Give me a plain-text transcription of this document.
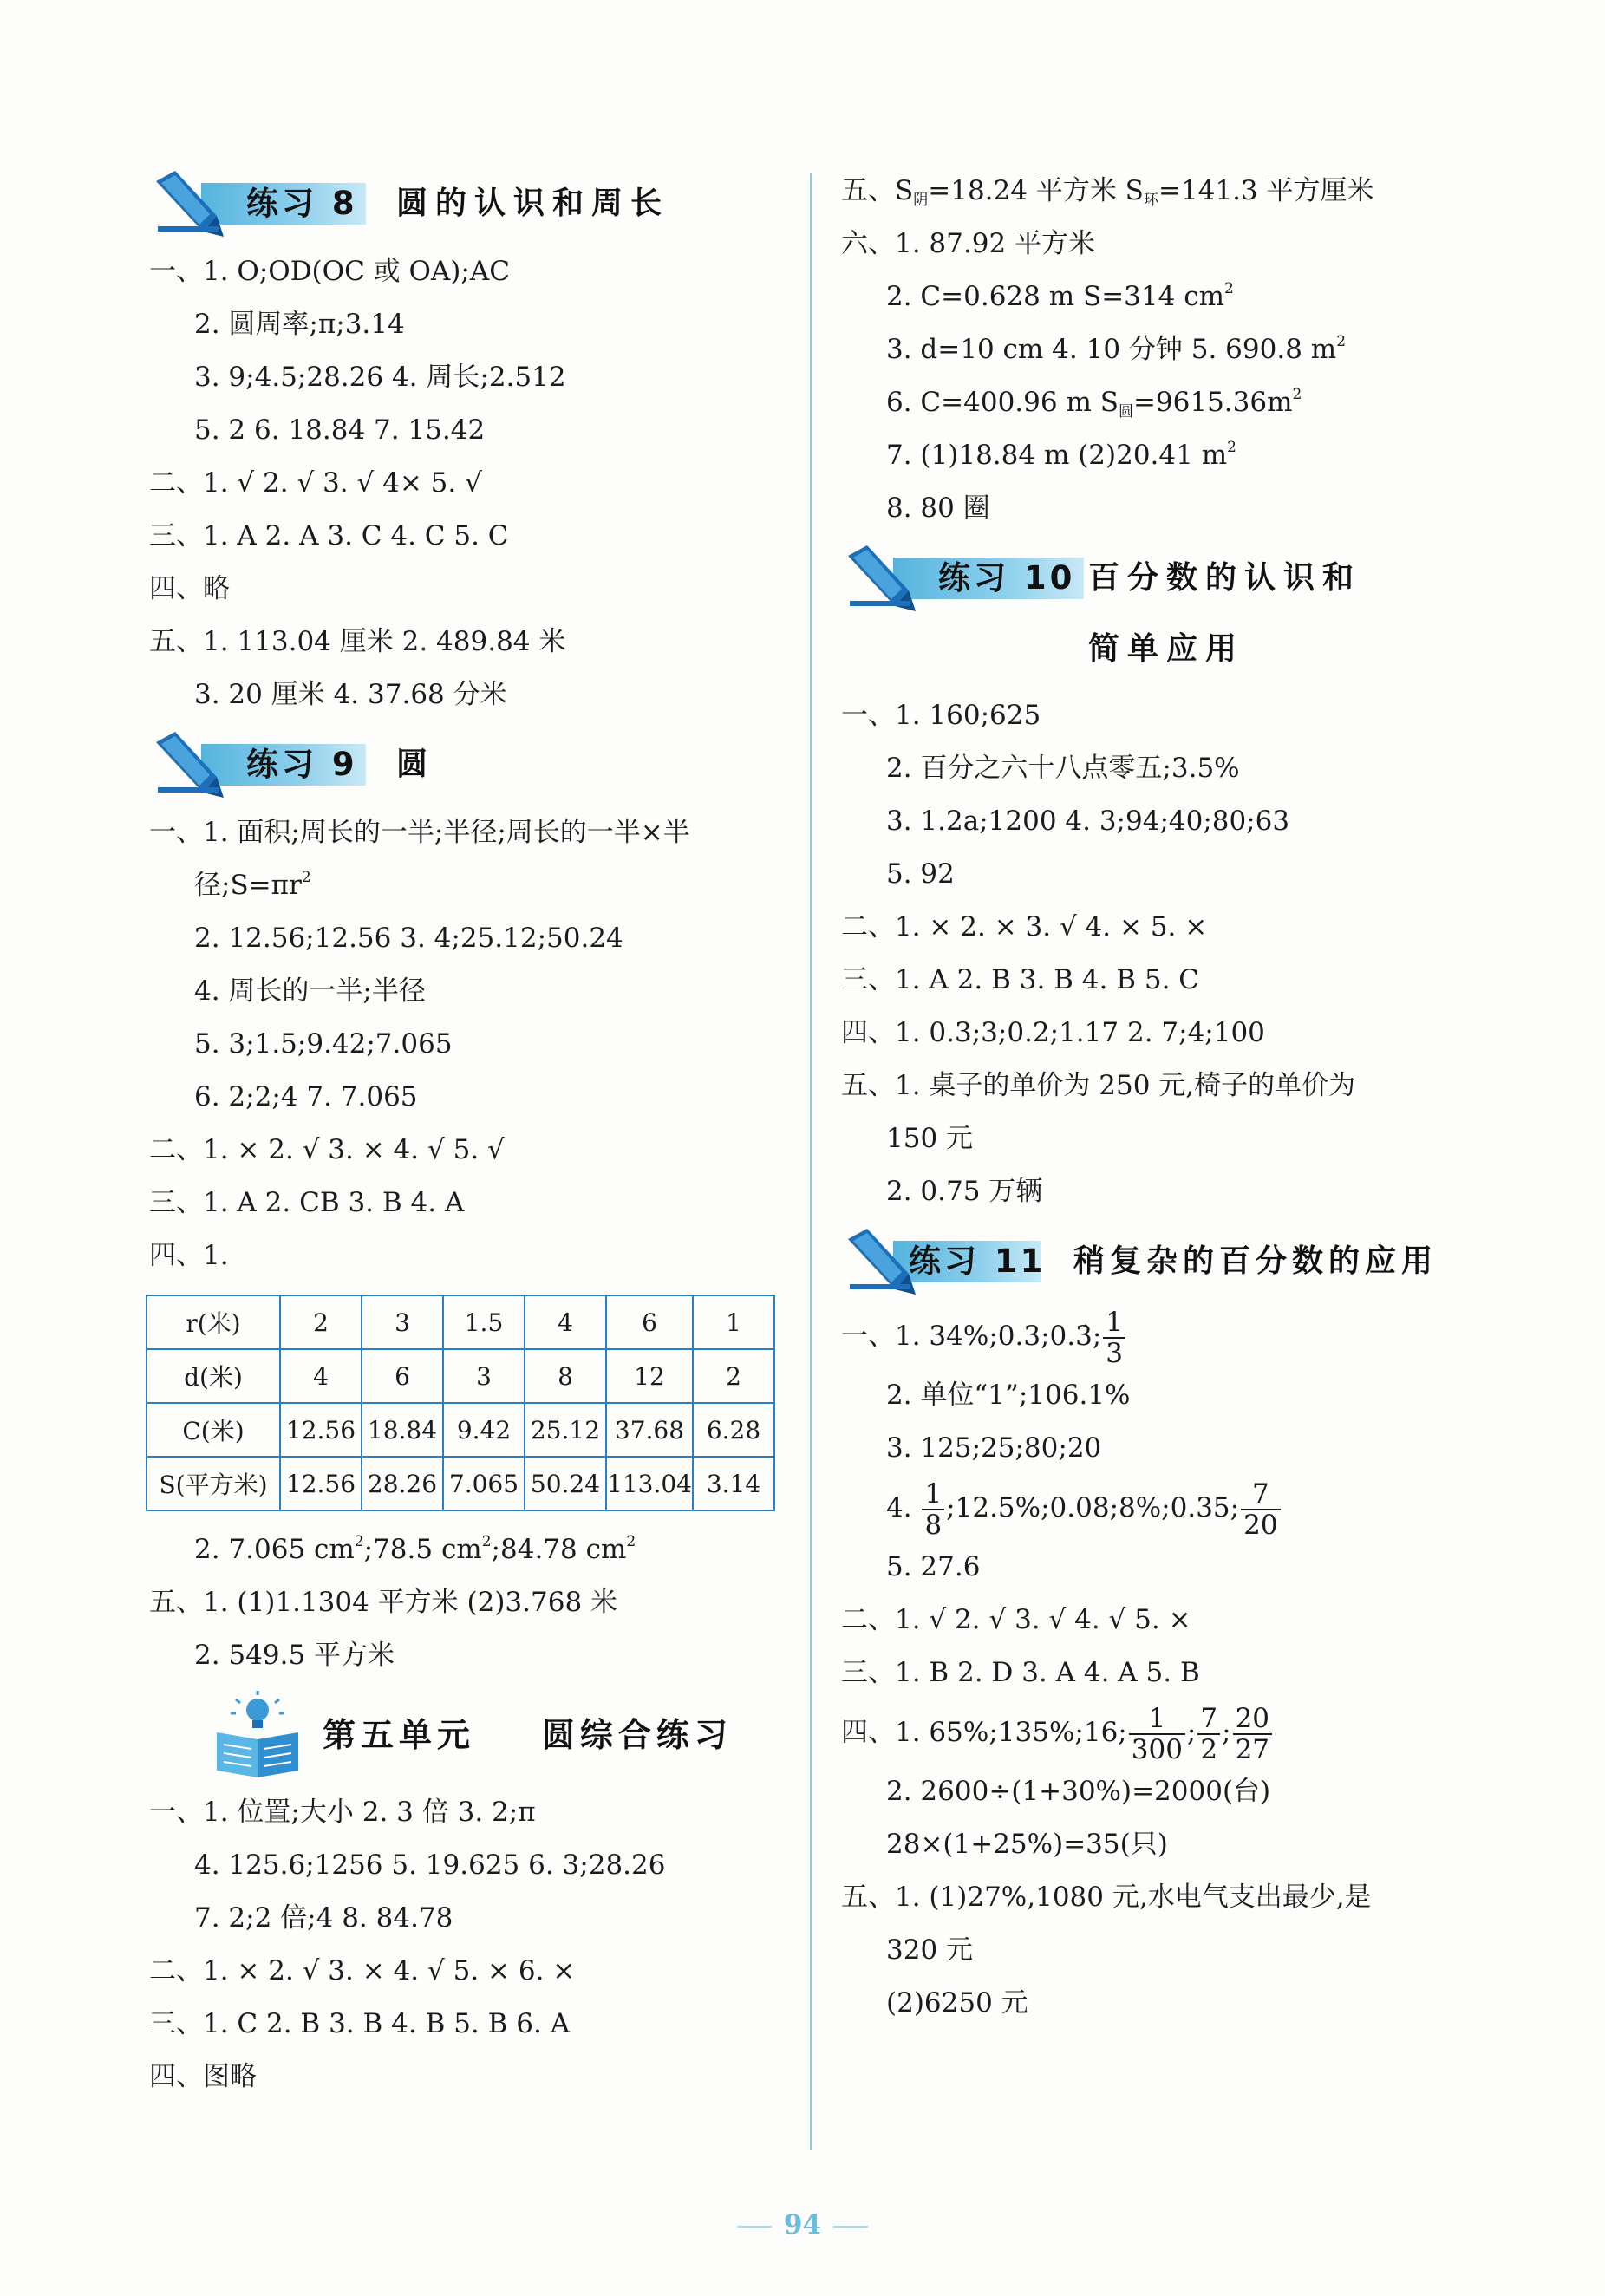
练习 8 圆的认识和周长
一、1. O;OD(OC 或 OA);AC
2. 圆周率;π;3.14
3. 9;4.5;28.26 4. 周长;2.512
5. 2 6. 18.84 7. 15.42
二、1. √ 2. √ 3. √ 4× 5. √
三、1. A 2. A 3. C 4. C 5. C
四、略
五、1. 113.04 厘米 2. 489.84 米
3. 20 厘米 4. 37.68 分米
练习 9 圆
一、1. 面积;周长的一半;半径;周长的一半×半
径$;S=\pi r^2$
2. 12.56;12.56 3. 4;25.12;50.24
4. 周长的一半;半径
5. 3;1.5;9.42;7.065
6. 2;2;4 7. 7.065
二、1. × 2. √ 3. × 4. √ 5. √
三、1. A 2. CB 3. B 4. A
四、1.
r(米)	2	3	1.5	4	6	1
d(米)	4	6	3	8	12	2
C(米)	12.56	18.84	9.42	25.12	37.68	6.28
S(平方米)	12.56	28.26	7.065	50.24	113.04	3.14
2. 7.065 $cm^2;78.5$ $cm^2;84.78$ $cm^2$
五、1. (1)1.1304 平方米 (2)3.768 米
2. 549.5 平方米
第五单元    圆综合练习
一、1. 位置;大小 2. 3 倍 3. 2;π
4. 125.6;1256 5. 19.625 6. 3;28.26
7. 2;2 倍;4 8. 84.78
二、1. × 2. √ 3. × 4. √ 5. × 6. ×
三、1. C 2. B 3. B 4. B 5. B 6. A
四、图略
五、$S_阴=18.24$ 平方米 $S_环=141.3$ 平方厘米
六、1. 87.92 平方米
2. C=0.628 m S=314 $cm^2$
3. d=10 cm 4. 10 分钟 5. 690.8 $m^2$
6. C=400.96 m $S_圆=9615.36m^2$
7. (1)18.84 m (2)20.41 $m^2$
8. 80 圈
练习 10 百分数的认识和
简单应用
一、1. 160;625
2. 百分之六十八点零五;3.5%
3. 1.2a;1200 4. 3;94;40;80;63
5. 92
二、1. × 2. × 3. √ 4. × 5. ×
三、1. A 2. B 3. B 4. B 5. C
四、1. 0.3;3;0.2;1.17 2. 7;4;100
五、1. 桌子的单价为 250 元,椅子的单价为
150 元
2. 0.75 万辆
练习 11 稍复杂的百分数的应用
一、1. 34%;0.3;0.3̇; $\frac{1}{3}$
2. 单位“1”;106.1%
3. 125;25;80;20
4. $\frac{1}{8}$ ;12.5%;0.08;8%;0.35; $\frac{7}{20}$
5. 27.6
二、1. √ 2. √ 3. √ 4. √ 5. ×
三、1. B 2. D 3. A 4. A 5. B
四、1. 65%;135%;16; $\frac{1}{300}$ ; $\frac{7}{2}$ ; $\frac{20}{27}$
2. 2600÷(1+30%)=2000(台)
28×(1+25%)=35(只)
五、1. (1)27%,1080 元,水电气支出最少,是
320 元
(2)6250 元
94
